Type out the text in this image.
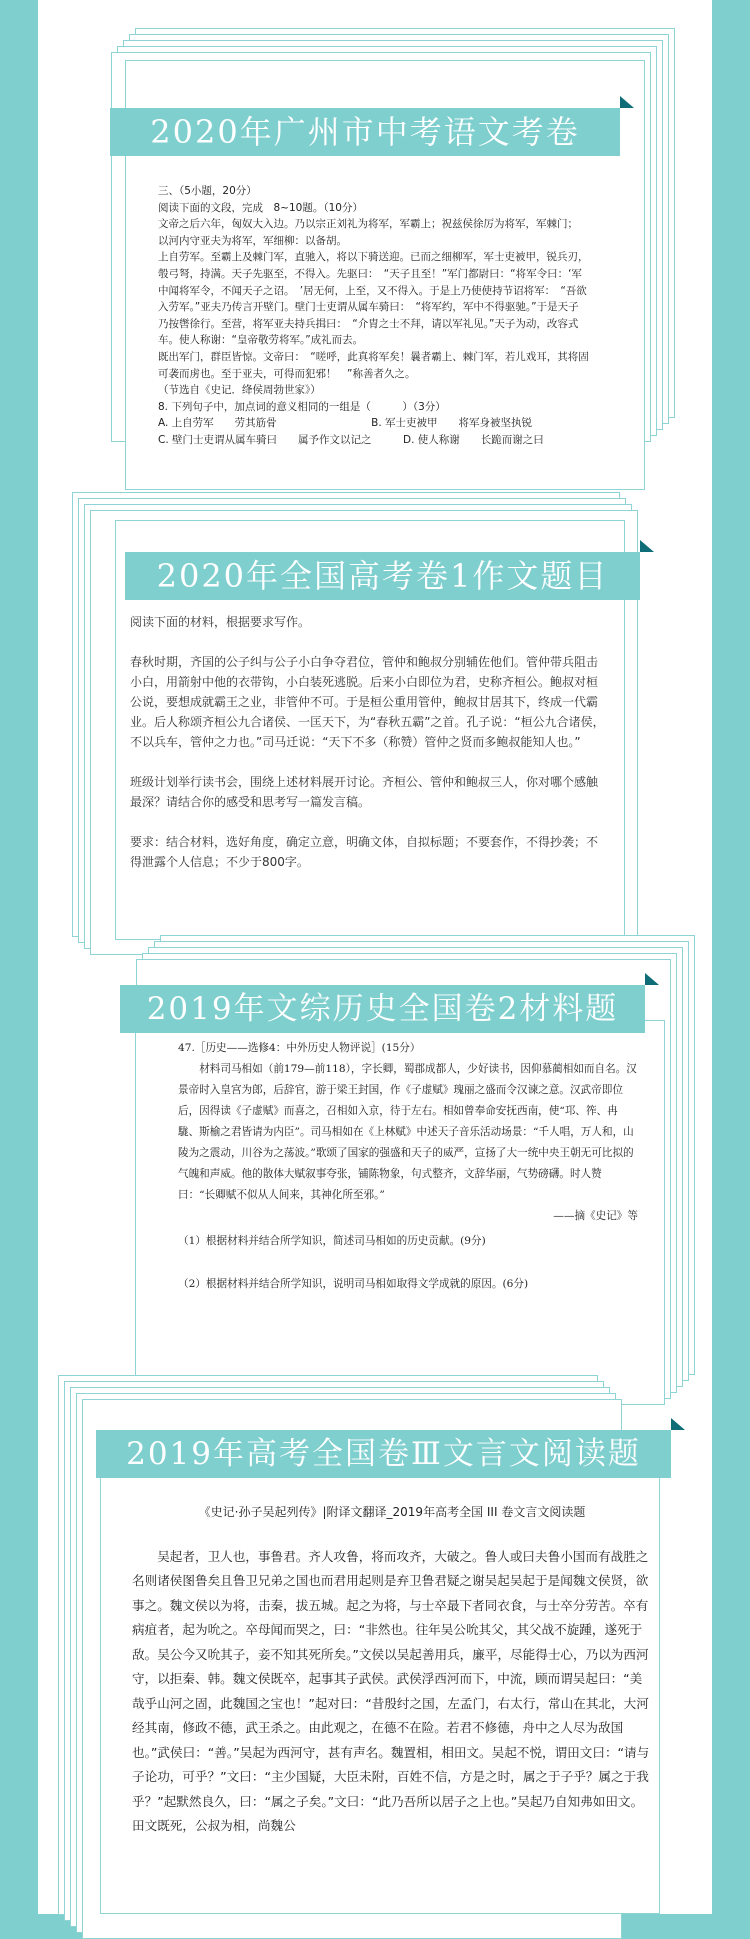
2020年广州市中考语文考卷

三、（5小题，20分）

阅读下面的文段，完成　8~10题。（10分）

文帝之后六年，匈奴大入边。乃以宗正刘礼为将军，军霸上；祝兹侯徐厉为将军，军棘门；

以河内守亚夫为将军，军细柳：以备胡。

上自劳军。至霸上及棘门军，直驰入，将以下骑送迎。已而之细柳军，军士吏被甲，锐兵刃，

彀弓弩，持满。天子先驱至，不得入。先驱曰：　“天子且至！”军门都尉曰：“将军令曰：‘军

中闻将军令，不闻天子之诏。　’居无何，上至，又不得入。于是上乃使使持节诏将军：　“吾欲

入劳军。”亚夫乃传言开壁门。壁门士吏谓从属车骑曰：　“将军约，军中不得驱驰。”于是天子

乃按辔徐行。至营，将军亚夫持兵揖曰：　“介胄之士不拜，请以军礼见。”天子为动，改容式

车。使人称谢：“皇帝敬劳将军。”成礼而去。

既出军门，群臣皆惊。文帝曰：　“嗟呼，此真将军矣！曩者霸上、棘门军，若儿戏耳，其将固

可袭而虏也。至于亚夫，可得而犯邪！　”称善者久之。

（节选自《史记．绛侯周勃世家》）

8. 下列句子中，加点词的意义相同的一组是（　　　）（3分）

A. 上自劳军　　劳其筋骨　　　　　　　　　B. 军士吏被甲　　将军身被坚执锐

C. 壁门士吏谓从属车骑曰　　属予作文以记之　　　D. 使人称谢　　长跪而谢之曰

2020年全国高考卷1作文题目

阅读下面的材料，根据要求写作。

春秋时期，齐国的公子纠与公子小白争夺君位，管仲和鲍叔分别辅佐他们。管仲带兵阻击小白，用箭射中他的衣带钩，小白装死逃脱。后来小白即位为君，史称齐桓公。鲍叔对桓公说，要想成就霸王之业，非管仲不可。于是桓公重用管仲，鲍叔甘居其下，终成一代霸业。后人称颂齐桓公九合诸侯、一匡天下，为“春秋五霸”之首。孔子说：“桓公九合诸侯，不以兵车，管仲之力也。”司马迁说：“天下不多（称赞）管仲之贤而多鲍叔能知人也。”

班级计划举行读书会，围绕上述材料展开讨论。齐桓公、管仲和鲍叔三人，你对哪个感触最深？请结合你的感受和思考写一篇发言稿。

要求：结合材料，选好角度，确定立意，明确文体，自拟标题；不要套作，不得抄袭；不得泄露个人信息；不少于800字。

2019年文综历史全国卷2材料题

47.［历史——选修4：中外历史人物评说］(15分）

材料司马相如（前179—前118），字长卿，蜀郡成都人，少好读书，因仰慕蔺相如而自名。汉景帝时入皇宫为郎，后辞官，游于梁王封国，作《子虚赋》瑰丽之盛而令汉谏之意。汉武帝即位后，因得读《子虚赋》而喜之，召相如入京，待于左右。相如曾奉命安抚西南，使“邛、筰、冉駹、斯榆之君皆请为内臣”。司马相如在《上林赋》中述天子音乐活动场景：“千人唱，万人和，山陵为之震动，川谷为之荡波。”歌颂了国家的强盛和天子的威严，宣扬了大一统中央王朝无可比拟的气魄和声威。他的散体大赋叙事夸张，铺陈物象，句式整齐，文辞华丽，气势磅礴。时人赞曰：“长卿赋不似从人间来，其神化所至邪。”

——摘《史记》等

（1）根据材料并结合所学知识，简述司马相如的历史贡献。(9分)

（2）根据材料并结合所学知识，说明司马相如取得文学成就的原因。(6分)

2019年高考全国卷Ⅲ文言文阅读题

《史记·孙子吴起列传》|附译文翻译_2019年高考全国 III 卷文言文阅读题

吴起者，卫人也，事鲁君。齐人攻鲁，将而攻齐，大破之。鲁人或曰夫鲁小国而有战胜之名则诸侯图鲁矣且鲁卫兄弟之国也而君用起则是弃卫鲁君疑之谢吴起吴起于是闻魏文侯贤，欲事之。魏文侯以为将，击秦，拔五城。起之为将，与士卒最下者同衣食，与士卒分劳苦。卒有病疽者，起为吮之。卒母闻而哭之，曰：“非然也。往年吴公吮其父，其父战不旋踵，遂死于敌。吴公今又吮其子，妾不知其死所矣。”文侯以吴起善用兵，廉平，尽能得士心，乃以为西河守，以拒秦、韩。魏文侯既卒，起事其子武侯。武侯浮西河而下，中流，顾而谓吴起曰：“美哉乎山河之固，此魏国之宝也！”起对曰：“昔殷纣之国，左孟门，右太行，常山在其北，大河经其南，修政不德，武王杀之。由此观之，在德不在险。若君不修德，舟中之人尽为敌国也。”武侯曰：“善。”吴起为西河守，甚有声名。魏置相，相田文。吴起不悦，谓田文曰：“请与子论功，可乎？”文曰：“主少国疑，大臣未附，百姓不信，方是之时，属之于子乎？属之于我乎？”起默然良久，曰：“属之子矣。”文曰：“此乃吾所以居子之上也。”吴起乃自知弗如田文。田文既死，公叔为相，尚魏公
